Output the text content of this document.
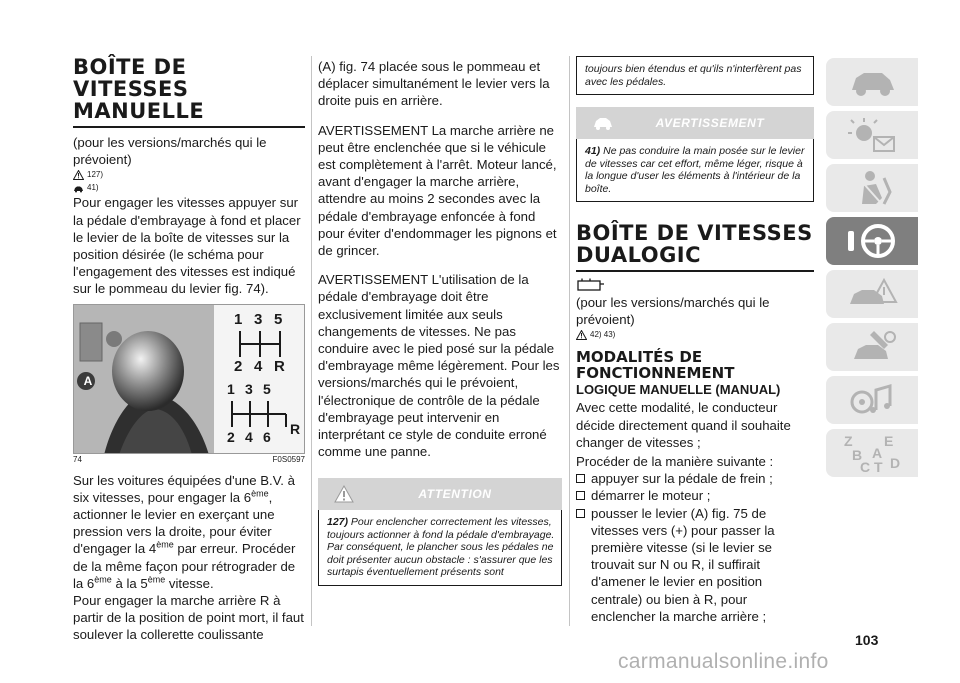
BOÎTE DE VITESSES MANUELLE
(pour les versions/marchés qui le prévoient)
127)
41)
Pour engager les vitesses appuyer sur la pédale d'embrayage à fond et placer le levier de la boîte de vitesses sur la position désirée (le schéma pour l'engagement des vitesses est indiqué sur le pommeau du levier fig. 74).
A
1 3 5
2 4 R
1 3 5
2 4 6 R
74	F0S0597
Sur les voitures équipées d'une B.V. à six vitesses, pour engager la 6ème, actionner le levier en exerçant une pression vers la droite, pour éviter d'engager la 4ème par erreur. Procéder de la même façon pour rétrograder de la 6ème à la 5ème vitesse.
Pour engager la marche arrière R à partir de la position de point mort, il faut soulever la collerette coulissante
(A) fig. 74 placée sous le pommeau et déplacer simultanément le levier vers la droite puis en arrière.
AVERTISSEMENT La marche arrière ne peut être enclenchée que si le véhicule est complètement à l'arrêt. Moteur lancé, avant d'engager la marche arrière, attendre au moins 2 secondes avec la pédale d'embrayage enfoncée à fond pour éviter d'endommager les pignons et de grincer.
AVERTISSEMENT L'utilisation de la pédale d'embrayage doit être exclusivement limitée aux seuls changements de vitesses. Ne pas conduire avec le pied posé sur la pédale d'embrayage même légèrement. Pour les versions/marchés qui le prévoient, l'électronique de contrôle de la pédale d'embrayage peut intervenir en interprétant ce style de conduite erroné comme une panne.
ATTENTION
127) Pour enclencher correctement les vitesses, toujours actionner à fond la pédale d'embrayage. Par conséquent, le plancher sous les pédales ne doit présenter aucun obstacle : s'assurer que les surtapis éventuellement présents sont
toujours bien étendus et qu'ils n'interfèrent pas avec les pédales.
AVERTISSEMENT
41) Ne pas conduire la main posée sur le levier de vitesses car cet effort, même léger, risque à la longue d'user les éléments à l'intérieur de la boîte.
BOÎTE DE VITESSES DUALOGIC
(pour les versions/marchés qui le prévoient)
42) 43)
MODALITÉS DE FONCTIONNEMENT
LOGIQUE MANUELLE (MANUAL)
Avec cette modalité, le conducteur décide directement quand il souhaite changer de vitesses ;
Procéder de la manière suivante :
appuyer sur la pédale de frein ;
démarrer le moteur ;
pousser le levier (A) fig. 75 de vitesses vers (+) pour passer la première vitesse (si le levier se trouvait sur N ou R, il suffirait d'amener le levier en position centrale) ou bien à R, pour enclencher la marche arrière ;
Z E
B A
C T D
103
carmanualsonline.info
